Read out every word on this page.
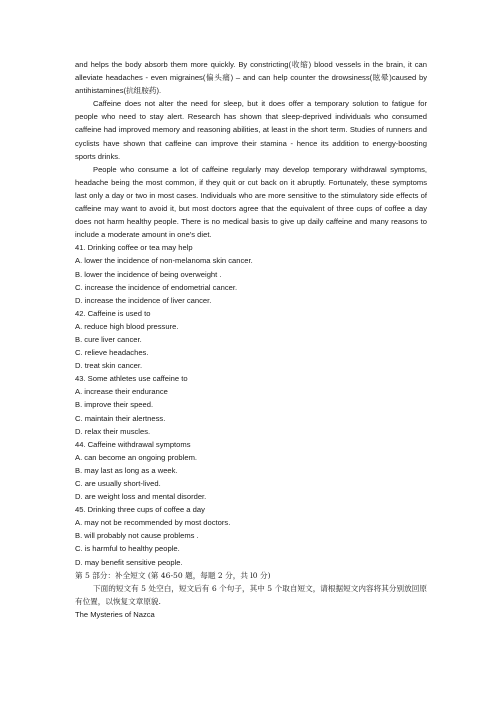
and helps the body absorb them more quickly. By constricting(收缩) blood vessels in the brain, it can alleviate headaches - even migraines(偏头痛) – and can help counter the drowsiness(眩晕)caused by antihistamines(抗组胺药).

Caffeine does not alter the need for sleep, but it does offer a temporary solution to fatigue for people who need to stay alert. Research has shown that sleep-deprived individuals who consumed caffeine had improved memory and reasoning abilities, at least in the short term. Studies of runners and cyclists have shown that caffeine can improve their stamina - hence its addition to energy-boosting sports drinks.

People who consume a lot of caffeine regularly may develop temporary withdrawal symptoms, headache being the most common, if they quit or cut back on it abruptly. Fortunately, these symptoms last only a day or two in most cases. Individuals who are more sensitive to the stimulatory side effects of caffeine may want to avoid it, but most doctors agree that the equivalent of three cups of coffee a day does not harm healthy people. There is no medical basis to give up daily caffeine and many reasons to include a moderate amount in one's diet.

41. Drinking coffee or tea may help

A. lower the incidence of non-melanoma skin cancer.

B. lower the incidence of being overweight .

C. increase the incidence of endometrial cancer.

D. increase the incidence of liver cancer.

42. Caffeine is used to

A. reduce high blood pressure.

B. cure liver cancer.

C. relieve headaches.

D. treat skin cancer.

43. Some athletes use caffeine to

A. increase their endurance

B. improve their speed.

C. maintain their alertness.

D. relax their muscles.

44. Caffeine withdrawal symptoms

A. can become an ongoing problem.

B. may last as long as a week.

C. are usually short-lived.

D. are weight loss and mental disorder.

45. Drinking three cups of coffee a day

A. may not be recommended by most doctors.

B. will probably not cause problems .

C. is harmful to healthy people.

D. may benefit sensitive people.

第 5 部分：补全短文 (第 46-50 题，每题 2 分，共 l0 分)

下面的短文有 5 处空白，短文后有 6 个句子，其中 5 个取自短文，请根据短文内容将其分别放回原有位置，以恢复文章原貌.

The Mysteries of Nazca
